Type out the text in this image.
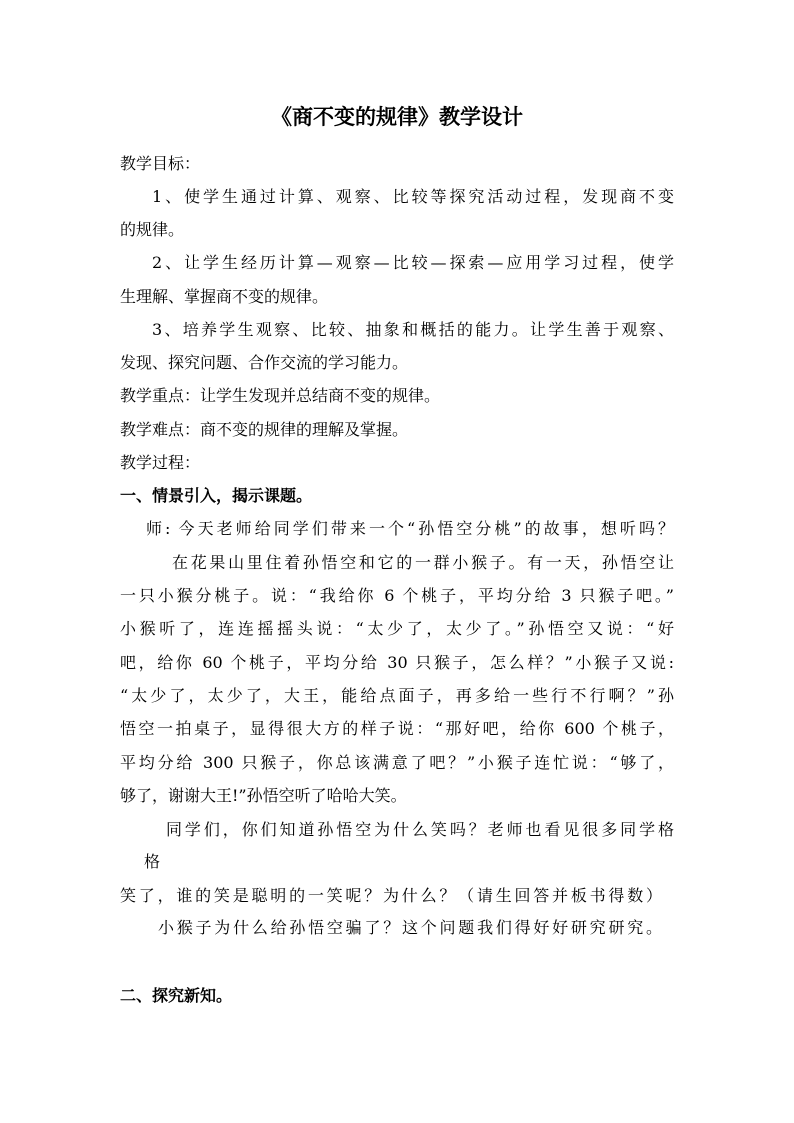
《商不变的规律》教学设计
教学目标：
1、使学生通过计算、观察、比较等探究活动过程，发现商不变
的规律。
2、让学生经历计算—观察—比较—探索—应用学习过程，使学
生理解、掌握商不变的规律。
3、培养学生观察、比较、抽象和概括的能力。让学生善于观察、
发现、探究问题、合作交流的学习能力。
教学重点：让学生发现并总结商不变的规律。
教学难点：商不变的规律的理解及掌握。
教学过程：
一、情景引入，揭示课题。
师: 今天老师给同学们带来一个“孙悟空分桃”的故事，想听吗？
在花果山里住着孙悟空和它的一群小猴子。有一天，孙悟空让
一只小猴分桃子。说：“我给你 6 个桃子，平均分给 3 只猴子吧。”
小猴听了，连连摇摇头说：“太少了，太少了。”孙悟空又说：“好
吧，给你 60 个桃子，平均分给 30 只猴子，怎么样？”小猴子又说:
“太少了，太少了，大王，能给点面子，再多给一些行不行啊？”孙
悟空一拍桌子，显得很大方的样子说：“那好吧，给你 600 个桃子，
平均分给 300 只猴子，你总该满意了吧？”小猴子连忙说：“够了，
够了，谢谢大王!”孙悟空听了哈哈大笑。
同学们，你们知道孙悟空为什么笑吗？老师也看见很多同学格
格
笑了，谁的笑是聪明的一笑呢？为什么？（请生回答并板书得数）
小猴子为什么给孙悟空骗了？这个问题我们得好好研究研究。
二、探究新知。
